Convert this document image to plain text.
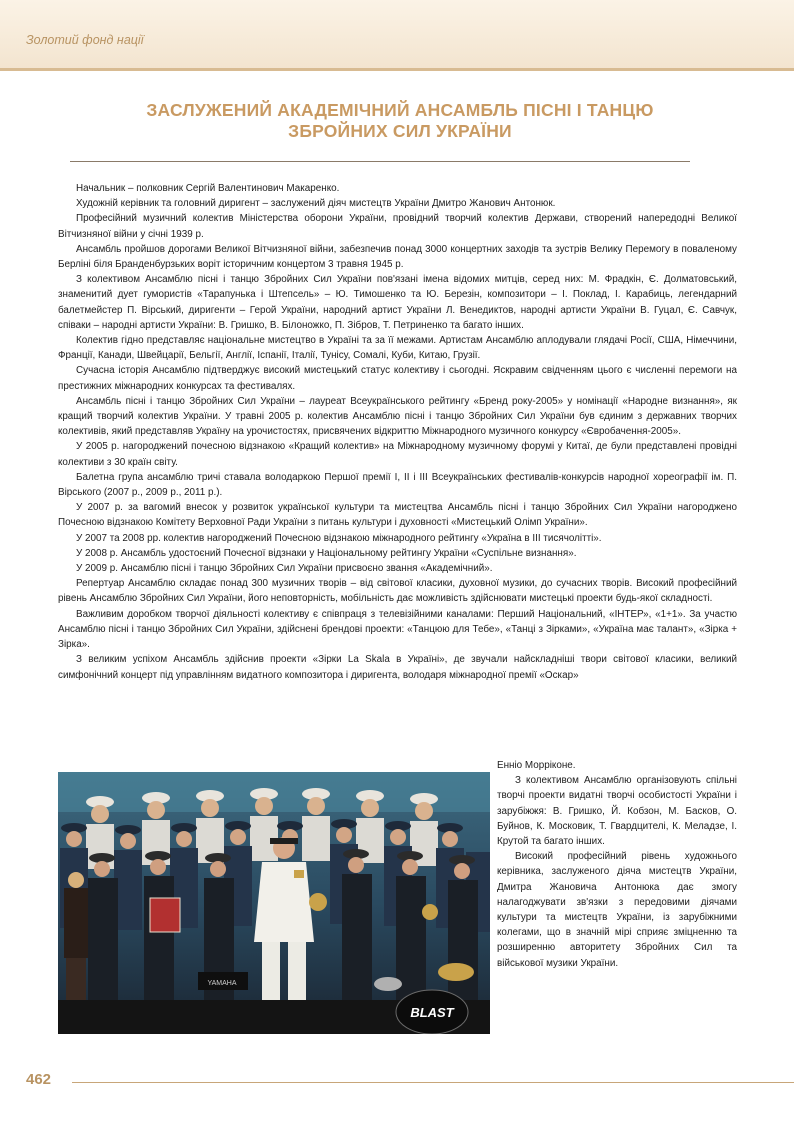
Золотий фонд нації
ЗАСЛУЖЕНИЙ АКАДЕМІЧНИЙ АНСАМБЛЬ ПІСНІ І ТАНЦЮ
ЗБРОЙНИХ СИЛ УКРАЇНИ

Начальник – полковник Сергій Валентинович Макаренко.

Художній керівник та головний диригент – заслужений діяч мистецтв України Дмитро Жанович Антонюк.

Професійний музичний колектив Міністерства оборони України, провідний творчий колектив Держави, створений напередодні Великої Вітчизняної війни у січні 1939 р.

Ансамбль пройшов дорогами Великої Вітчизняної війни, забезпечив понад 3000 концертних заходів та зустрів Велику Перемогу в поваленому Берліні біля Бранденбурзьких воріт історичним концертом 3 травня 1945 р.

З колективом Ансамблю пісні і танцю Збройних Сил України пов'язані імена відомих митців, серед них: М. Фрадкін, Є. Долматовський, знаменитий дует гумористів «Тарапунька і Штепсель» – Ю. Тимошенко та Ю. Березін, композитори – І. Поклад, І. Карабиць, легендарний балетмейстер П. Вірський, диригенти – Герой України, народний артист України Л. Венедиктов, народні артисти України В. Гуцал, Є. Савчук, співаки – народні артисти України: В. Гришко, В. Білоножко, П. Зібров, Т. Петриненко та багато інших.

Колектив гідно представляє національне мистецтво в Україні та за її межами. Артистам Ансамблю аплодували глядачі Росії, США, Німеччини, Франції, Канади, Швейцарії, Бельгії, Англії, Іспанії, Італії, Тунісу, Сомалі, Куби, Китаю, Грузії.

Сучасна історія Ансамблю підтверджує високий мистецький статус колективу і сьогодні. Яскравим свідченням цього є численні перемоги на престижних міжнародних конкурсах та фестивалях.

Ансамбль пісні і танцю Збройних Сил України – лауреат Всеукраїнського рейтингу «Бренд року-2005» у номінації «Народне визнання», як кращий творчий колектив України. У травні 2005 р. колектив Ансамблю пісні і танцю Збройних Сил України був єдиним з державних творчих колективів, який представляв Україну на урочистостях, присвячених відкриттю Міжнародного музичного конкурсу «Євробачення-2005».

У 2005 р. нагороджений почесною відзнакою «Кращий колектив» на Міжнародному музичному форумі у Китаї, де були представлені провідні колективи з 30 країн світу.

Балетна група ансамблю тричі ставала володаркою Першої премії І, ІІ і ІІІ Всеукраїнських фестивалів-конкурсів народної хореографії ім. П. Вірського (2007 р., 2009 р., 2011 р.).

У 2007 р. за вагомий внесок у розвиток української культури та мистецтва Ансамбль пісні і танцю Збройних Сил України нагороджено Почесною відзнакою Комітету Верховної Ради України з питань культури і духовності «Мистецький Олімп України».

У 2007 та 2008 рр. колектив нагороджений Почесною відзнакою міжнародного рейтингу «Україна в ІІІ тисячолітті».

У 2008 р. Ансамбль удостоєний Почесної відзнаки у Національному рейтингу України «Суспільне визнання».

У 2009 р. Ансамблю пісні і танцю Збройних Сил України присвоєно звання «Академічний».

Репертуар Ансамблю складає понад 300 музичних творів – від світової класики, духовної музики, до сучасних творів. Високий професійний рівень Ансамблю Збройних Сил України, його неповторність, мобільність дає можливість здійснювати мистецькі проекти будь-якої складності.

Важливим доробком творчої діяльності колективу є співпраця з телевізійними каналами: Перший Національний, «ІНТЕР», «1+1». За участю Ансамблю пісні і танцю Збройних Сил України, здійснені брендові проекти: «Танцюю для Тебе», «Танці з Зірками», «Україна має талант», «Зірка + Зірка».

З великим успіхом Ансамбль здійснив проекти «Зірки La Skala в Україні», де звучали найскладніші твори світової класики, великий симфонічний концерт під управлінням видатного композитора і диригента, володаря міжнародної премії «Оскар»

BLAST
YAMAHA

Енніо Морріконе.

З колективом Ансамблю організовують спільні творчі проекти видатні творчі особистості України і зарубіжжя: В. Гришко, Й. Кобзон, М. Басков, О. Буйнов, К. Московик, Т. Гвардцителі, К. Меладзе, І. Крутой та багато інших.

Високий професійний рівень художнього керівника, заслуженого діяча мистецтв України, Дмитра Жановича Антонюка дає змогу налагоджувати зв'язки з передовими діячами культури та мистецтв України, із зарубіжними колегами, що в значній мірі сприяє зміцненню та розширенню авторитету Збройних Сил та військової музики України.

462
